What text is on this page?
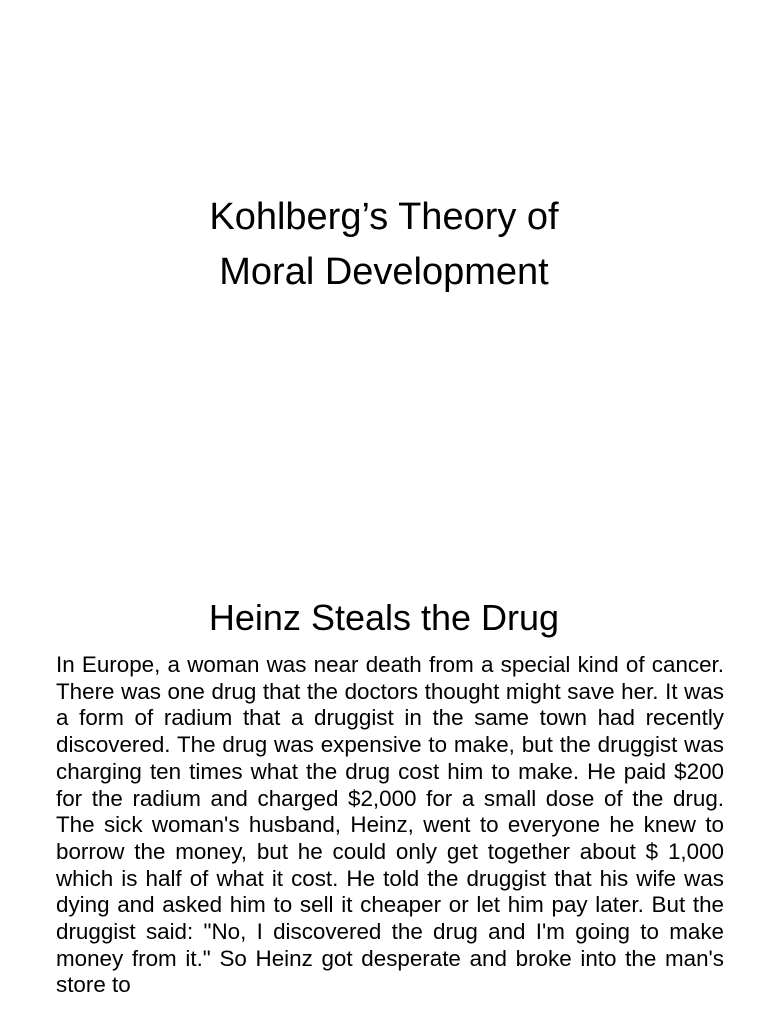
Kohlberg’s Theory of
Moral Development
Heinz Steals the Drug
In Europe, a woman was near death from a special kind of cancer. There was one drug that the doctors thought might save her. It was a form of radium that a druggist in the same town had recently discovered. The drug was expensive to make, but the druggist was charging ten times what the drug cost him to make. He paid $200 for the radium and charged $2,000 for a small dose of the drug. The sick woman's husband, Heinz, went to everyone he knew to borrow the money, but he could only get together about $ 1,000 which is half of what it cost. He told the druggist that his wife was dying and asked him to sell it cheaper or let him pay later. But the druggist said: "No, I discovered the drug and I'm going to make money from it." So Heinz got desperate and broke into the man's store to
